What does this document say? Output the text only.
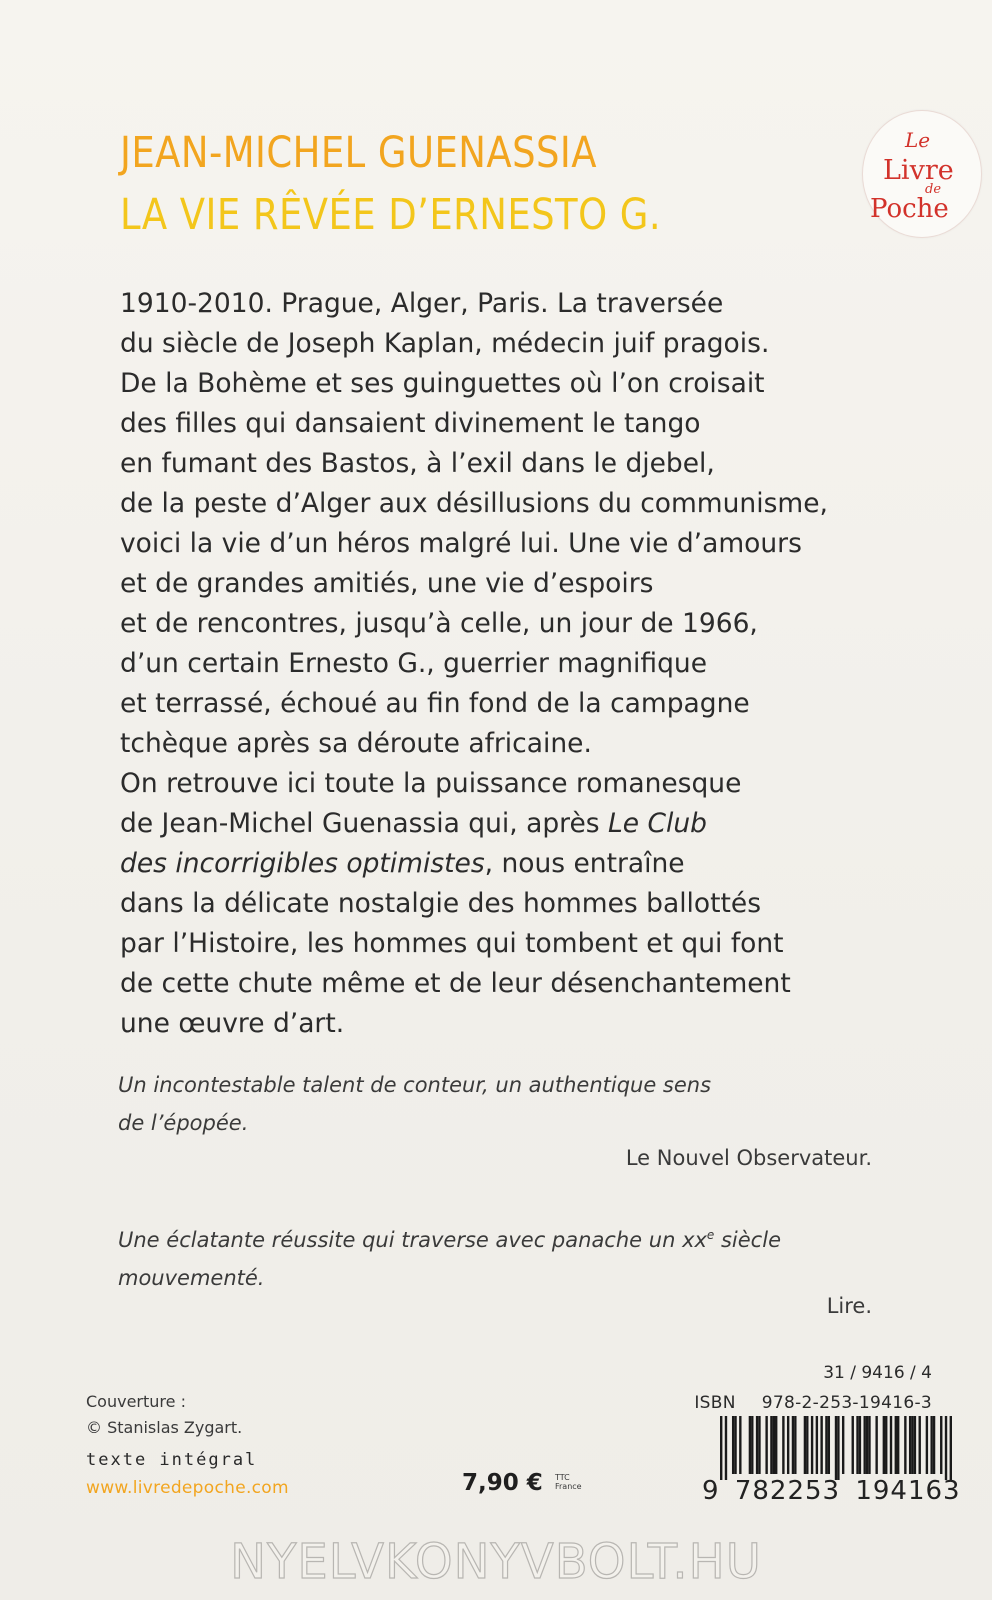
JEAN-MICHEL GUENASSIA
LA VIE RÊVÉE D’ERNESTO G.
Le
Livre
de
Poche
1910-2010. Prague, Alger, Paris. La traversée
du siècle de Joseph Kaplan, médecin juif pragois.
De la Bohème et ses guinguettes où l’on croisait
des filles qui dansaient divinement le tango
en fumant des Bastos, à l’exil dans le djebel,
de la peste d’Alger aux désillusions du communisme,
voici la vie d’un héros malgré lui. Une vie d’amours
et de grandes amitiés, une vie d’espoirs
et de rencontres, jusqu’à celle, un jour de 1966,
d’un certain Ernesto G., guerrier magnifique
et terrassé, échoué au fin fond de la campagne
tchèque après sa déroute africaine.
On retrouve ici toute la puissance romanesque
de Jean-Michel Guenassia qui, après Le Club
des incorrigibles optimistes, nous entraîne
dans la délicate nostalgie des hommes ballottés
par l’Histoire, les hommes qui tombent et qui font
de cette chute même et de leur désenchantement
une œuvre d’art.
Un incontestable talent de conteur, un authentique sens
de l’épopée.
Le Nouvel Observateur.
Une éclatante réussite qui traverse avec panache un $xx^e$ siècle
mouvementé.
Lire.
31 / 9416 / 4
ISBN 978-2-253-19416-3
9 782253 194163
Couverture :
© Stanislas Zygart.
texte intégral
www.livredepoche.com	7,90 € TTC
France
NYELVKONYVBOLT.HU
